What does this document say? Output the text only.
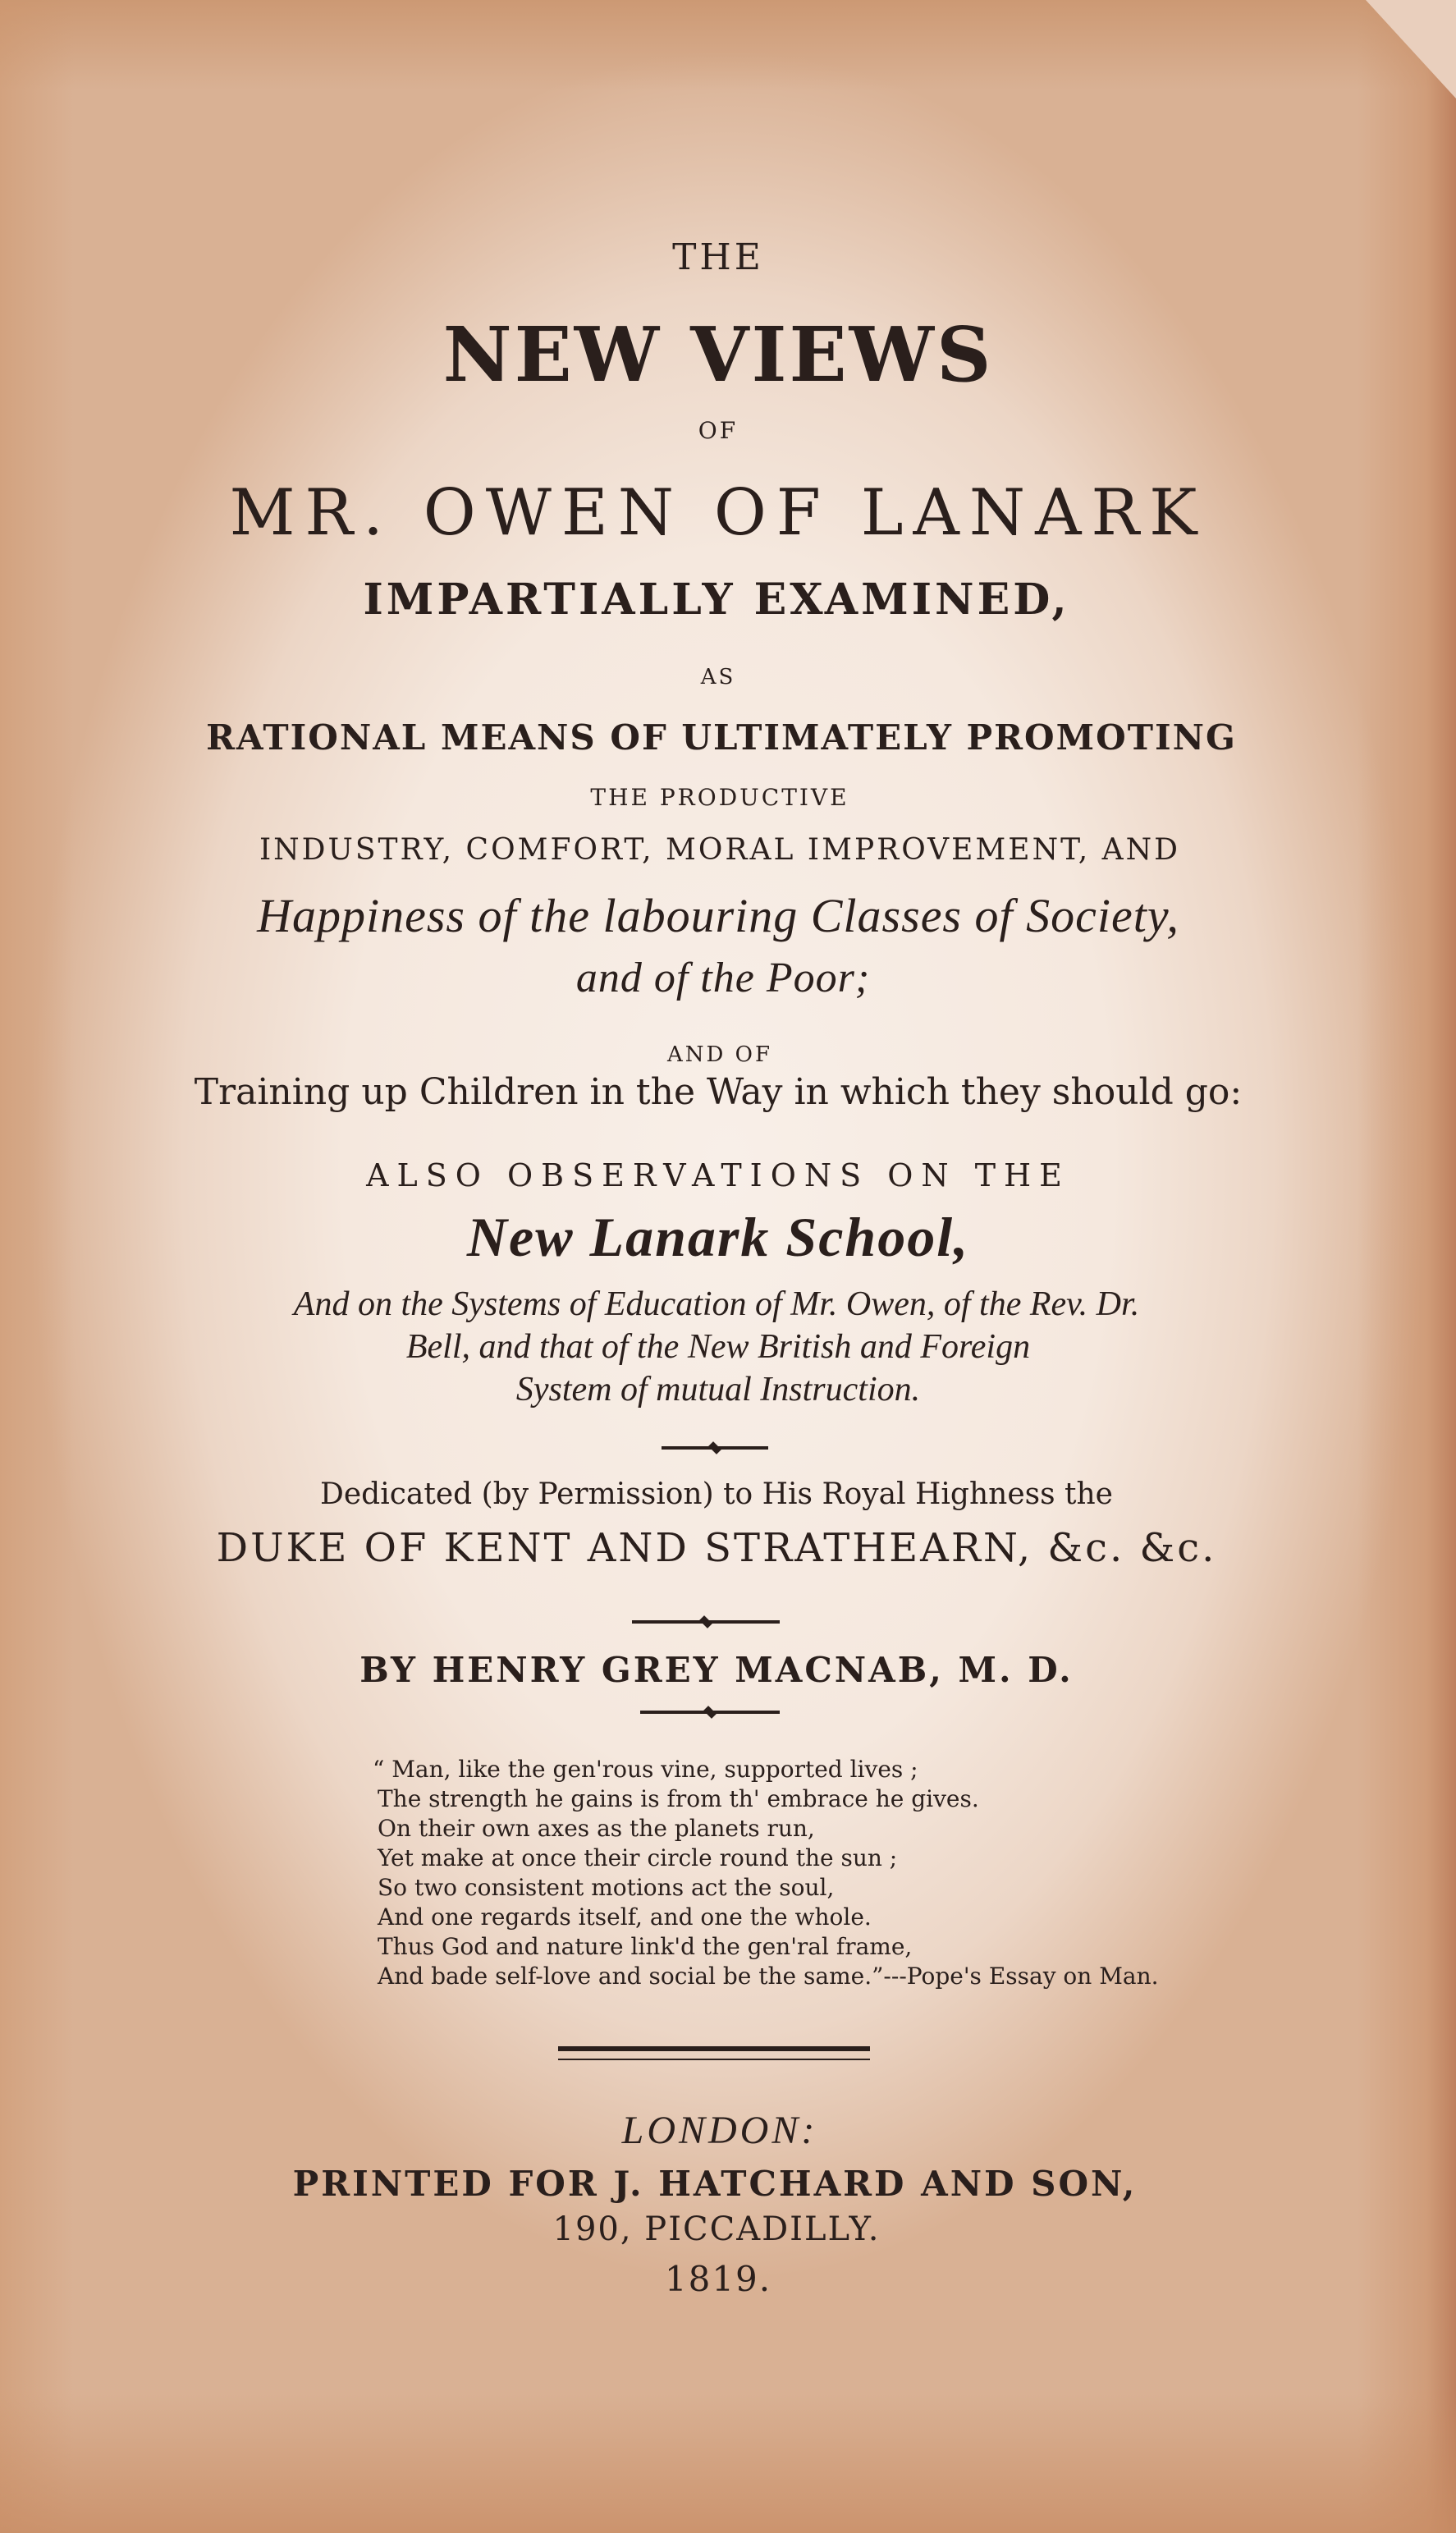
THE

NEW VIEWS

OF

MR. OWEN OF LANARK

IMPARTIALLY EXAMINED,

AS

RATIONAL MEANS OF ULTIMATELY PROMOTING

THE PRODUCTIVE

INDUSTRY, COMFORT, MORAL IMPROVEMENT, AND

Happiness of the labouring Classes of Society,

and of the Poor;

AND OF

Training up Children in the Way in which they should go:

ALSO OBSERVATIONS ON THE

New Lanark School,

And on the Systems of Education of Mr. Owen, of the Rev. Dr.

Bell, and that of the New British and Foreign

System of mutual Instruction.

Dedicated (by Permission) to His Royal Highness the

DUKE OF KENT AND STRATHEARN, &c. &c.

BY HENRY GREY MACNAB, M. D.

“ Man, like the gen'rous vine, supported lives ;
The strength he gains is from th' embrace he gives.
On their own axes as the planets run,
Yet make at once their circle round the sun ;
So two consistent motions act the soul,
And one regards itself, and one the whole.
Thus God and nature link'd the gen'ral frame,
And bade self-love and social be the same.”---Pope's Essay on Man.

LONDON:

PRINTED FOR J. HATCHARD AND SON,

190, PICCADILLY.

1819.
